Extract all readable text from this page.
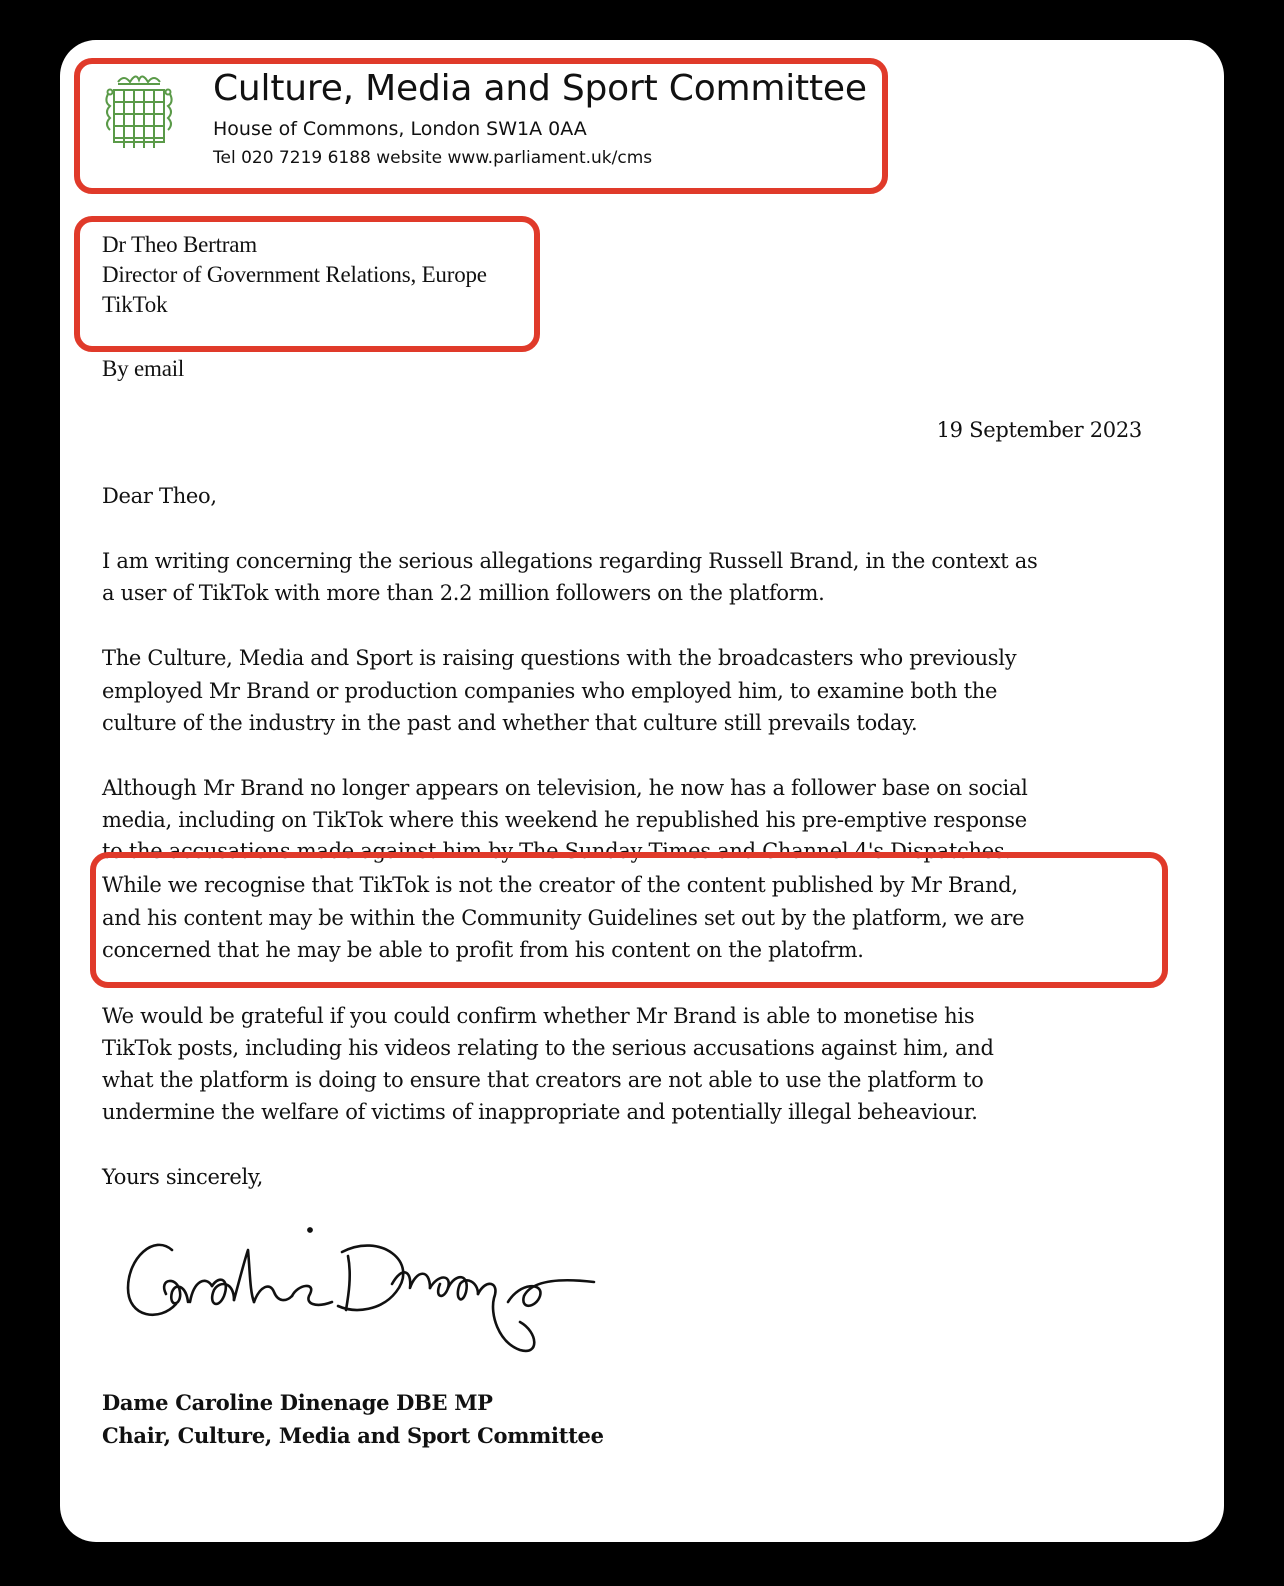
Culture, Media and Sport Committee
House of Commons, London SW1A 0AA
Tel 020 7219 6188 website www.parliament.uk/cms
Dr Theo Bertram
Director of Government Relations, Europe
TikTok
By email
19 September 2023
Dear Theo,
I am writing concerning the serious allegations regarding Russell Brand, in the context as
a user of TikTok with more than 2.2 million followers on the platform.
The Culture, Media and Sport is raising questions with the broadcasters who previously
employed Mr Brand or production companies who employed him, to examine both the
culture of the industry in the past and whether that culture still prevails today.
Although Mr Brand no longer appears on television, he now has a follower base on social
media, including on TikTok where this weekend he republished his pre-emptive response
to the accusations made against him by The Sunday Times and Channel 4's Dispatches.
While we recognise that TikTok is not the creator of the content published by Mr Brand,
and his content may be within the Community Guidelines set out by the platform, we are
concerned that he may be able to profit from his content on the platofrm.
We would be grateful if you could confirm whether Mr Brand is able to monetise his
TikTok posts, including his videos relating to the serious accusations against him, and
what the platform is doing to ensure that creators are not able to use the platform to
undermine the welfare of victims of inappropriate and potentially illegal beheaviour.
Yours sincerely,
Dame Caroline Dinenage DBE MP
Chair, Culture, Media and Sport Committee
